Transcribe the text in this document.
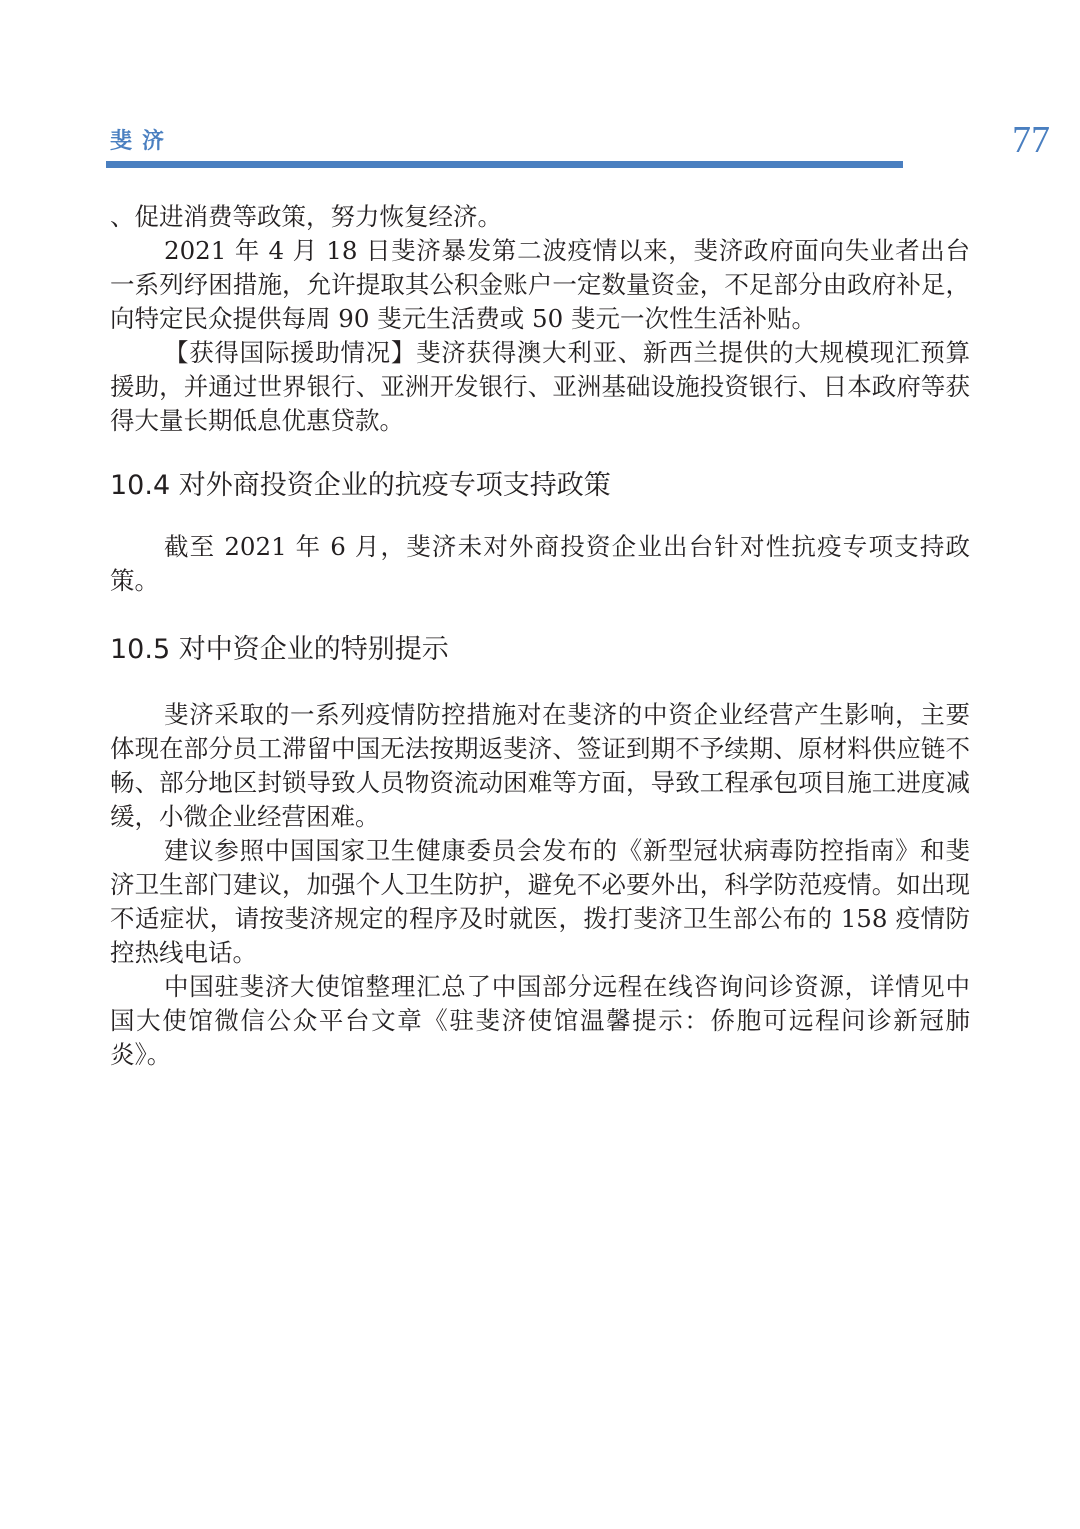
斐济	77

、促进消费等政策，努力恢复经济。

2021 年 4 月 18 日斐济暴发第二波疫情以来，斐济政府面向失业者出台一系列纾困措施，允许提取其公积金账户一定数量资金，不足部分由政府补足，向特定民众提供每周 90 斐元生活费或 50 斐元一次性生活补贴。

【获得国际援助情况】斐济获得澳大利亚、新西兰提供的大规模现汇预算援助，并通过世界银行、亚洲开发银行、亚洲基础设施投资银行、日本政府等获得大量长期低息优惠贷款。

10.4 对外商投资企业的抗疫专项支持政策

截至 2021 年 6 月，斐济未对外商投资企业出台针对性抗疫专项支持政策。

10.5 对中资企业的特别提示

斐济采取的一系列疫情防控措施对在斐济的中资企业经营产生影响，主要体现在部分员工滞留中国无法按期返斐济、签证到期不予续期、原材料供应链不畅、部分地区封锁导致人员物资流动困难等方面，导致工程承包项目施工进度减缓，小微企业经营困难。

建议参照中国国家卫生健康委员会发布的《新型冠状病毒防控指南》和斐济卫生部门建议，加强个人卫生防护，避免不必要外出，科学防范疫情。如出现不适症状，请按斐济规定的程序及时就医，拨打斐济卫生部公布的 158 疫情防控热线电话。

中国驻斐济大使馆整理汇总了中国部分远程在线咨询问诊资源，详情见中国大使馆微信公众平台文章《驻斐济使馆温馨提示：侨胞可远程问诊新冠肺炎》。
